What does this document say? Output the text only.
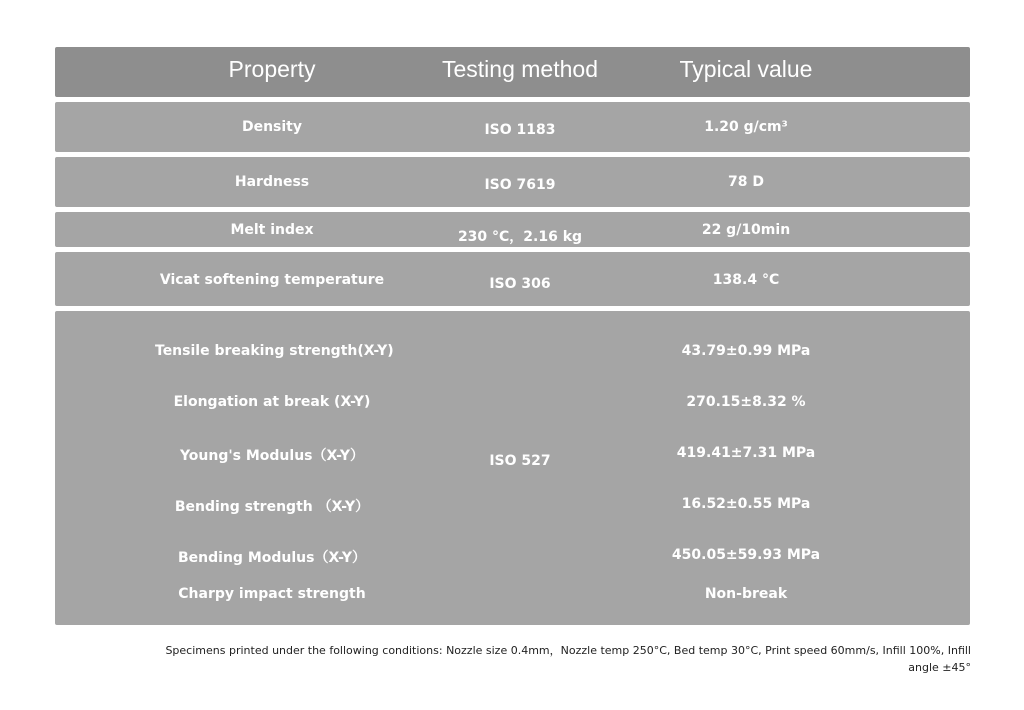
Property	Testing method	Typical value
Density	ISO 1183	1.20 g/cm³
Hardness	ISO 7619	78 D
Melt index	230 °C，2.16 kg	22 g/10min
Vicat softening temperature	ISO 306	138.4 °C
ISO 527
Tensile breaking strength(X-Y)	43.79±0.99 MPa
Elongation at break (X-Y)	270.15±8.32 %
Young's Modulus（X-Y）	419.41±7.31 MPa
Bending strength （X-Y）	16.52±0.55 MPa
Bending Modulus（X-Y）	450.05±59.93 MPa
Charpy impact strength	Non-break
Specimens printed under the following conditions: Nozzle size 0.4mm，Nozzle temp 250°C, Bed temp 30°C, Print speed 60mm/s, Infill 100%, Infill angle ±45°
